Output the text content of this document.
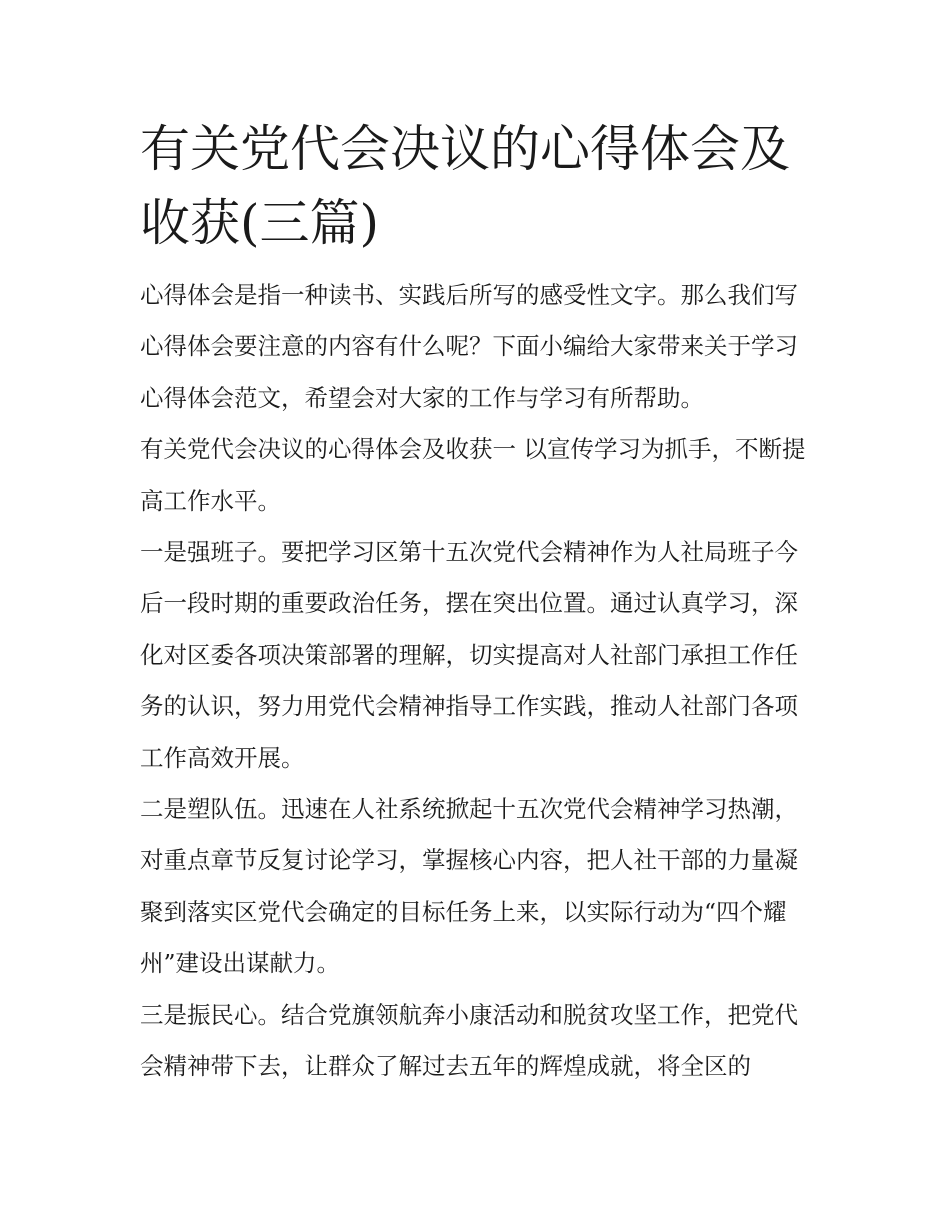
有关党代会决议的心得体会及收获(三篇)

心得体会是指一种读书、实践后所写的感受性文字。那么我们写心得体会要注意的内容有什么呢？下面小编给大家带来关于学习心得体会范文，希望会对大家的工作与学习有所帮助。

有关党代会决议的心得体会及收获一 以宣传学习为抓手，不断提高工作水平。

一是强班子。要把学习区第十五次党代会精神作为人社局班子今后一段时期的重要政治任务，摆在突出位置。通过认真学习，深化对区委各项决策部署的理解，切实提高对人社部门承担工作任务的认识，努力用党代会精神指导工作实践，推动人社部门各项工作高效开展。

二是塑队伍。迅速在人社系统掀起十五次党代会精神学习热潮，对重点章节反复讨论学习，掌握核心内容，把人社干部的力量凝聚到落实区党代会确定的目标任务上来，以实际行动为“四个耀州”建设出谋献力。

三是振民心。结合党旗领航奔小康活动和脱贫攻坚工作，把党代会精神带下去，让群众了解过去五年的辉煌成就，将全区的
